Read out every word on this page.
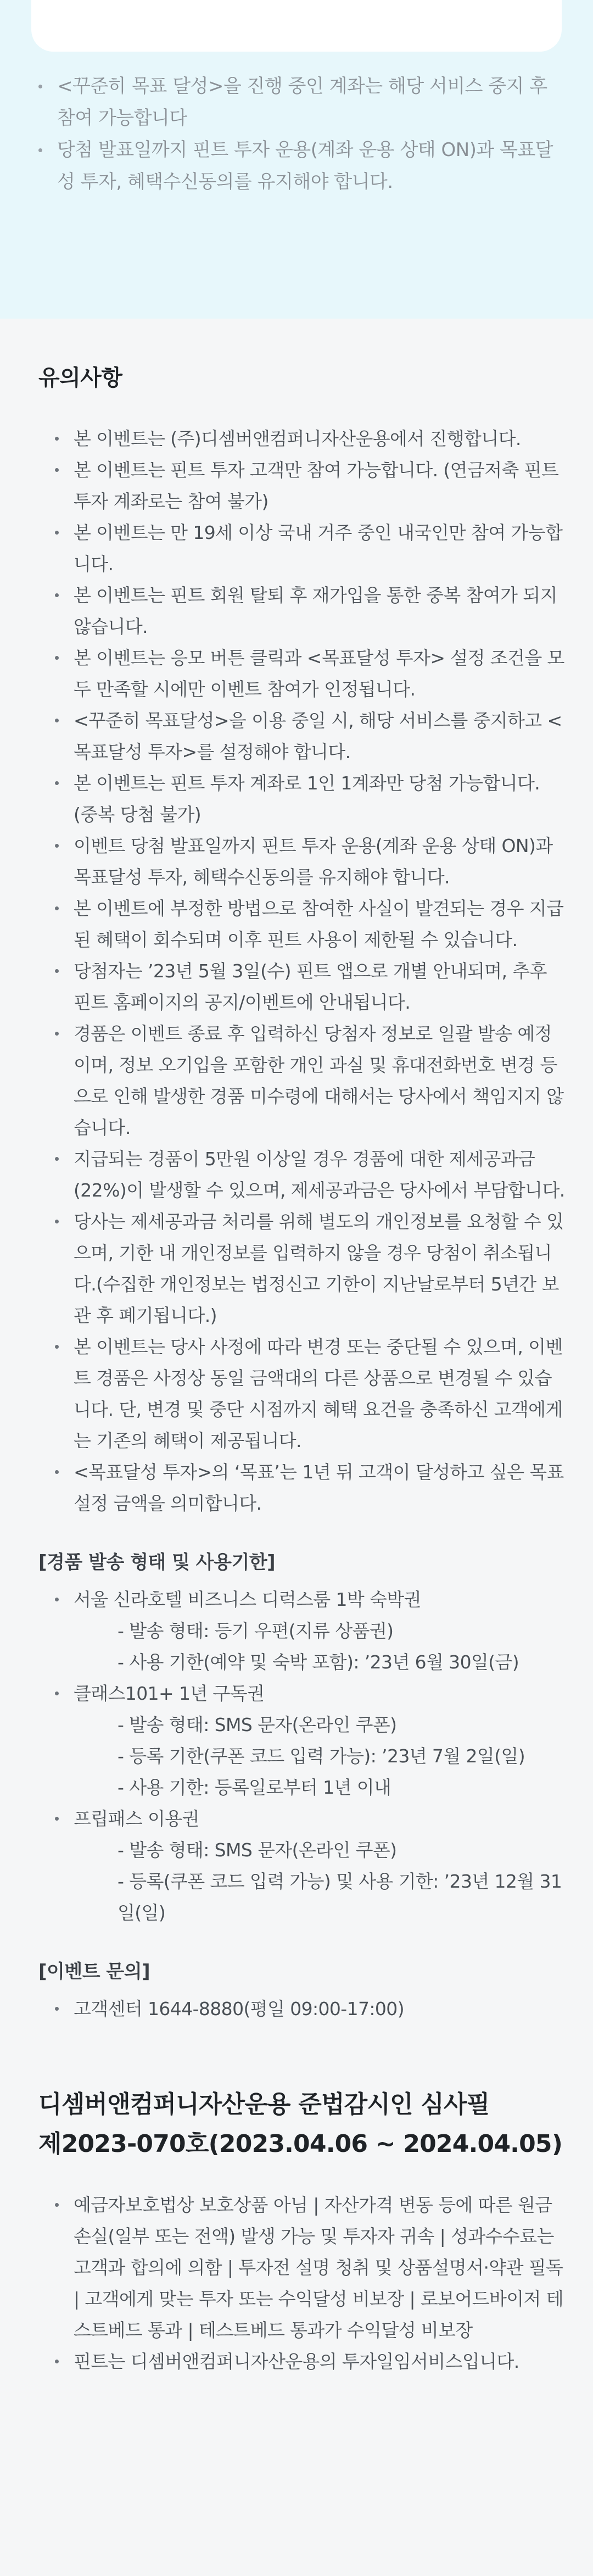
<꾸준히 목표 달성>을 진행 중인 계좌는 해당 서비스 중지 후 참여 가능합니다
당첨 발표일까지 핀트 투자 운용(계좌 운용 상태 ON)과 목표달성 투자, 혜택수신동의를 유지해야 합니다.
유의사항
본 이벤트는 (주)디셈버앤컴퍼니자산운용에서 진행합니다.
본 이벤트는 핀트 투자 고객만 참여 가능합니다. (연금저축 핀트 투자 계좌로는 참여 불가)
본 이벤트는 만 19세 이상 국내 거주 중인 내국인만 참여 가능합니다.
본 이벤트는 핀트 회원 탈퇴 후 재가입을 통한 중복 참여가 되지 않습니다.
본 이벤트는 응모 버튼 클릭과 <목표달성 투자> 설정 조건을 모두 만족할 시에만 이벤트 참여가 인정됩니다.
<꾸준히 목표달성>을 이용 중일 시, 해당 서비스를 중지하고 <목표달성 투자>를 설정해야 합니다.
본 이벤트는 핀트 투자 계좌로 1인 1계좌만 당첨 가능합니다. (중복 당첨 불가)
이벤트 당첨 발표일까지 핀트 투자 운용(계좌 운용 상태 ON)과 목표달성 투자, 혜택수신동의를 유지해야 합니다.
본 이벤트에 부정한 방법으로 참여한 사실이 발견되는 경우 지급된 혜택이 회수되며 이후 핀트 사용이 제한될 수 있습니다.
당첨자는 ’23년 5월 3일(수) 핀트 앱으로 개별 안내되며, 추후 핀트 홈페이지의 공지/이벤트에 안내됩니다.
경품은 이벤트 종료 후 입력하신 당첨자 정보로 일괄 발송 예정이며, 정보 오기입을 포함한 개인 과실 및 휴대전화번호 변경 등으로 인해 발생한 경품 미수령에 대해서는 당사에서 책임지지 않습니다.
지급되는 경품이 5만원 이상일 경우 경품에 대한 제세공과금(22%)이 발생할 수 있으며, 제세공과금은 당사에서 부담합니다.
당사는 제세공과금 처리를 위해 별도의 개인정보를 요청할 수 있으며, 기한 내 개인정보를 입력하지 않을 경우 당첨이 취소됩니다.(수집한 개인정보는 법정신고 기한이 지난날로부터 5년간 보관 후 폐기됩니다.)
본 이벤트는 당사 사정에 따라 변경 또는 중단될 수 있으며, 이벤트 경품은 사정상 동일 금액대의 다른 상품으로 변경될 수 있습니다. 단, 변경 및 중단 시점까지 혜택 요건을 충족하신 고객에게는 기존의 혜택이 제공됩니다.
<목표달성 투자>의 ‘목표’는 1년 뒤 고객이 달성하고 싶은 목표 설정 금액을 의미합니다.
[경품 발송 형태 및 사용기한]
서울 신라호텔 비즈니스 디럭스룸 1박 숙박권
- 발송 형태: 등기 우편(지류 상품권)
- 사용 기한(예약 및 숙박 포함): ’23년 6월 30일(금)
클래스101+ 1년 구독권
- 발송 형태: SMS 문자(온라인 쿠폰)
- 등록 기한(쿠폰 코드 입력 가능): ’23년 7월 2일(일)
- 사용 기한: 등록일로부터 1년 이내
프립패스 이용권
- 발송 형태: SMS 문자(온라인 쿠폰)
- 등록(쿠폰 코드 입력 가능) 및 사용 기한: ’23년 12월 31일(일)
[이벤트 문의]
고객센터 1644-8880(평일 09:00-17:00)
디셈버앤컴퍼니자산운용 준법감시인 심사필
제2023-070호(2023.04.06 ~ 2024.04.05)
예금자보호법상 보호상품 아님 | 자산가격 변동 등에 따른 원금 손실(일부 또는 전액) 발생 가능 및 투자자 귀속 | 성과수수료는 고객과 합의에 의함 | 투자전 설명 청취 및 상품설명서·약관 필독 | 고객에게 맞는 투자 또는 수익달성 비보장 | 로보어드바이저 테스트베드 통과 | 테스트베드 통과가 수익달성 비보장
핀트는 디셈버앤컴퍼니자산운용의 투자일임서비스입니다.
